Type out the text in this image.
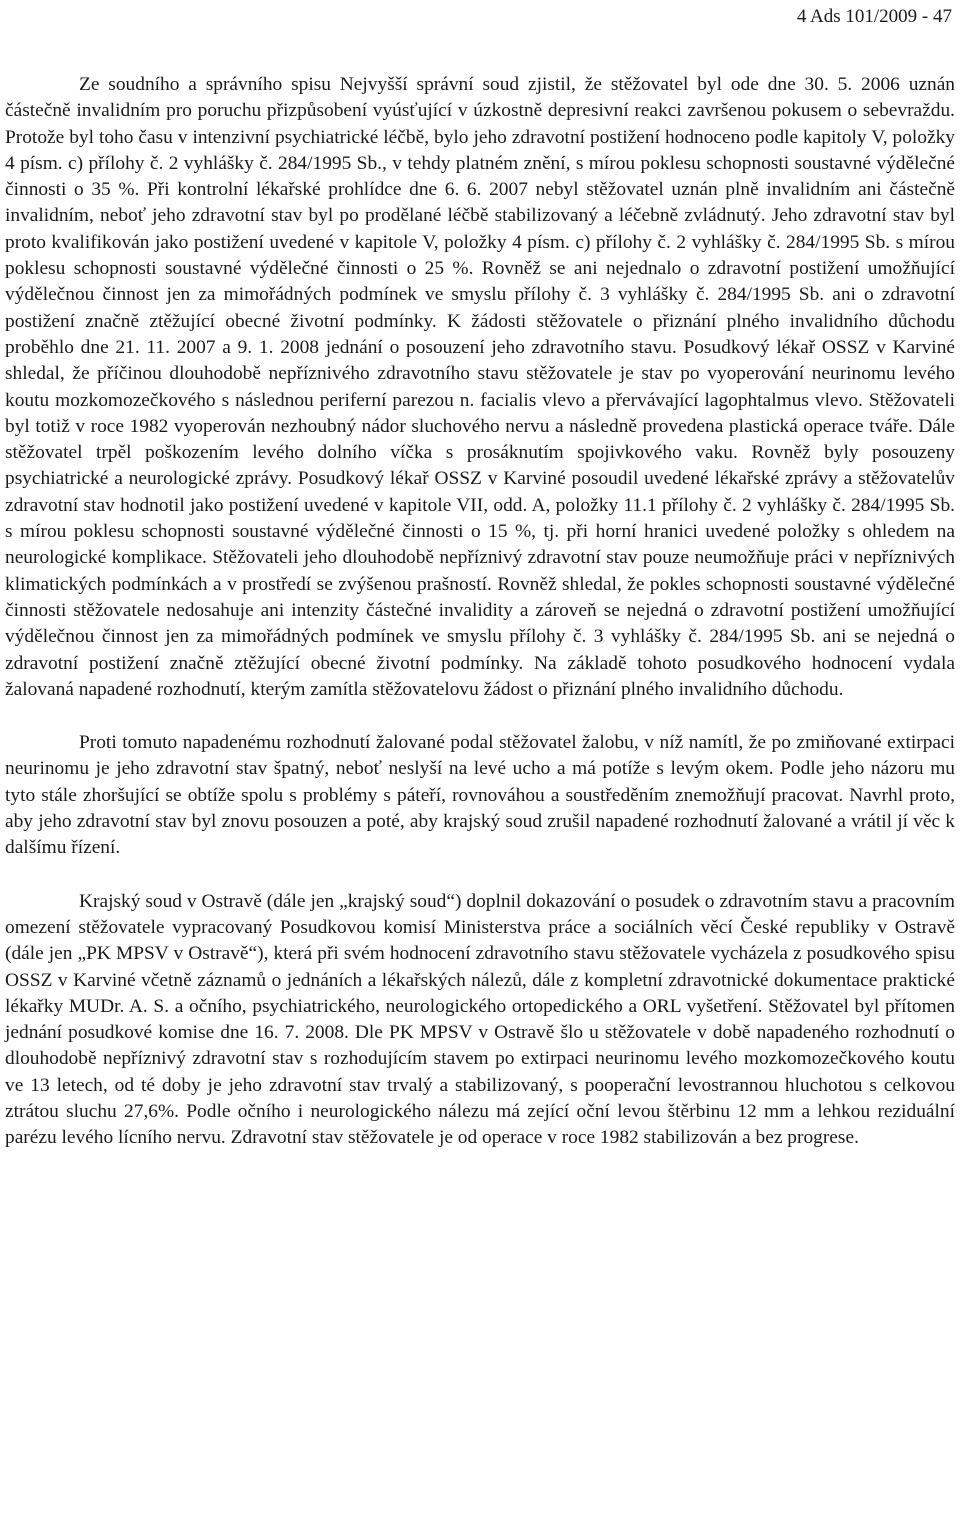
4 Ads 101/2009 - 47

Ze soudního a správního spisu Nejvyšší správní soud zjistil, že stěžovatel byl ode dne 30. 5. 2006 uznán částečně invalidním pro poruchu přizpůsobení vyúsťující v úzkostně depresivní reakci završenou pokusem o sebevraždu. Protože byl toho času v intenzivní psychiatrické léčbě, bylo jeho zdravotní postižení hodnoceno podle kapitoly V, položky 4 písm. c) přílohy č. 2 vyhlášky č. 284/1995 Sb., v tehdy platném znění, s mírou poklesu schopnosti soustavné výdělečné činnosti o 35 %. Při kontrolní lékařské prohlídce dne 6. 6. 2007 nebyl stěžovatel uznán plně invalidním ani částečně invalidním, neboť jeho zdravotní stav byl po prodělané léčbě stabilizovaný a léčebně zvládnutý. Jeho zdravotní stav byl proto kvalifikován jako postižení uvedené v kapitole V, položky 4 písm. c) přílohy č. 2 vyhlášky č. 284/1995 Sb. s mírou poklesu schopnosti soustavné výdělečné činnosti o 25 %. Rovněž se ani nejednalo o zdravotní postižení umožňující výdělečnou činnost jen za mimořádných podmínek ve smyslu přílohy č. 3 vyhlášky č. 284/1995 Sb. ani o zdravotní postižení značně ztěžující obecné životní podmínky. K žádosti stěžovatele o přiznání plného invalidního důchodu proběhlo dne 21. 11. 2007 a 9. 1. 2008 jednání o posouzení jeho zdravotního stavu. Posudkový lékař OSSZ v Karviné shledal, že příčinou dlouhodobě nepříznivého zdravotního stavu stěžovatele je stav po vyoperování neurinomu levého koutu mozkomozečkového s následnou periferní parezou n. facialis vlevo a přervávající lagophtalmus vlevo. Stěžovateli byl totiž v roce 1982 vyoperován nezhoubný nádor sluchového nervu a následně provedena plastická operace tváře. Dále stěžovatel trpěl poškozením levého dolního víčka s prosáknutím spojivkového vaku. Rovněž byly posouzeny psychiatrické a neurologické zprávy. Posudkový lékař OSSZ v Karviné posoudil uvedené lékařské zprávy a stěžovatelův zdravotní stav hodnotil jako postižení uvedené v kapitole VII, odd. A, položky 11.1 přílohy č. 2 vyhlášky č. 284/1995 Sb. s mírou poklesu schopnosti soustavné výdělečné činnosti o 15 %, tj. při horní hranici uvedené položky s ohledem na neurologické komplikace. Stěžovateli jeho dlouhodobě nepříznivý zdravotní stav pouze neumožňuje práci v nepříznivých klimatických podmínkách a v prostředí se zvýšenou prašností. Rovněž shledal, že pokles schopnosti soustavné výdělečné činnosti stěžovatele nedosahuje ani intenzity částečné invalidity a zároveň se nejedná o zdravotní postižení umožňující výdělečnou činnost jen za mimořádných podmínek ve smyslu přílohy č. 3 vyhlášky č. 284/1995 Sb. ani se nejedná o zdravotní postižení značně ztěžující obecné životní podmínky. Na základě tohoto posudkového hodnocení vydala žalovaná napadené rozhodnutí, kterým zamítla stěžovatelovu žádost o přiznání plného invalidního důchodu.

Proti tomuto napadenému rozhodnutí žalované podal stěžovatel žalobu, v níž namítl, že po zmiňované extirpaci neurinomu je jeho zdravotní stav špatný, neboť neslyší na levé ucho a má potíže s levým okem. Podle jeho názoru mu tyto stále zhoršující se obtíže spolu s problémy s páteří, rovnováhou a soustředěním znemožňují pracovat. Navrhl proto, aby jeho zdravotní stav byl znovu posouzen a poté, aby krajský soud zrušil napadené rozhodnutí žalované a vrátil jí věc k dalšímu řízení.

Krajský soud v Ostravě (dále jen „krajský soud“) doplnil dokazování o posudek o zdravotním stavu a pracovním omezení stěžovatele vypracovaný Posudkovou komisí Ministerstva práce a sociálních věcí České republiky v Ostravě (dále jen „PK MPSV v Ostravě“), která při svém hodnocení zdravotního stavu stěžovatele vycházela z posudkového spisu OSSZ v Karviné včetně záznamů o jednáních a lékařských nálezů, dále z kompletní zdravotnické dokumentace praktické lékařky MUDr. A. S. a očního, psychiatrického, neurologického ortopedického a ORL vyšetření. Stěžovatel byl přítomen jednání posudkové komise dne 16. 7. 2008. Dle PK MPSV v Ostravě šlo u stěžovatele v době napadeného rozhodnutí o dlouhodobě nepříznivý zdravotní stav s rozhodujícím stavem po extirpaci neurinomu levého mozkomozečkového koutu ve 13 letech, od té doby je jeho zdravotní stav trvalý a stabilizovaný, s pooperační levostrannou hluchotou s celkovou ztrátou sluchu 27,6%. Podle očního i neurologického nálezu má zející oční levou štěrbinu 12 mm a lehkou reziduální parézu levého lícního nervu. Zdravotní stav stěžovatele je od operace v roce 1982 stabilizován a bez progrese.
